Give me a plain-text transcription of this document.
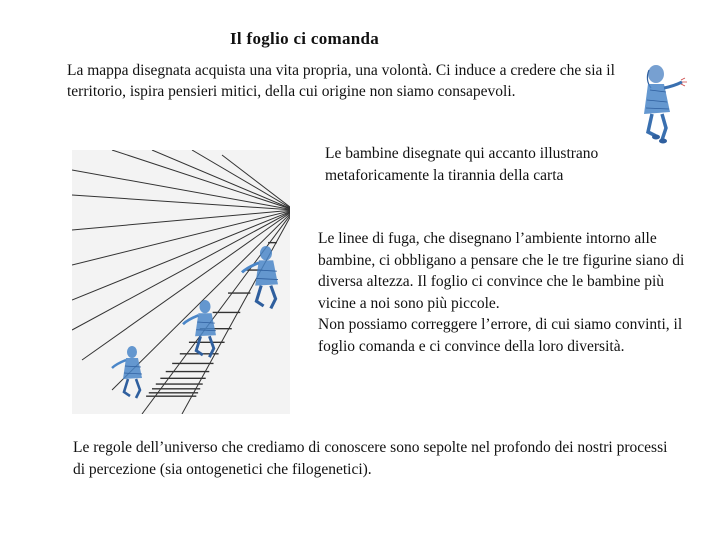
Il foglio ci comanda

La mappa disegnata acquista una vita propria, una volontà. Ci induce a credere che sia il territorio, ispira pensieri mitici, della cui origine non siamo consapevoli.

Le bambine disegnate qui accanto illustrano metaforicamente la tirannia della carta

Le linee di fuga, che disegnano l’ambiente intorno alle bambine, ci obbligano a pensare che le tre figurine siano di diversa altezza. Il foglio ci convince che le bambine più vicine a noi sono più piccole.

Non possiamo correggere l’errore, di cui siamo convinti, il foglio comanda e ci convince della loro diversità.

Le regole dell’universo che crediamo di conoscere sono sepolte nel profondo dei nostri processi di percezione (sia ontogenetici che filogenetici).
